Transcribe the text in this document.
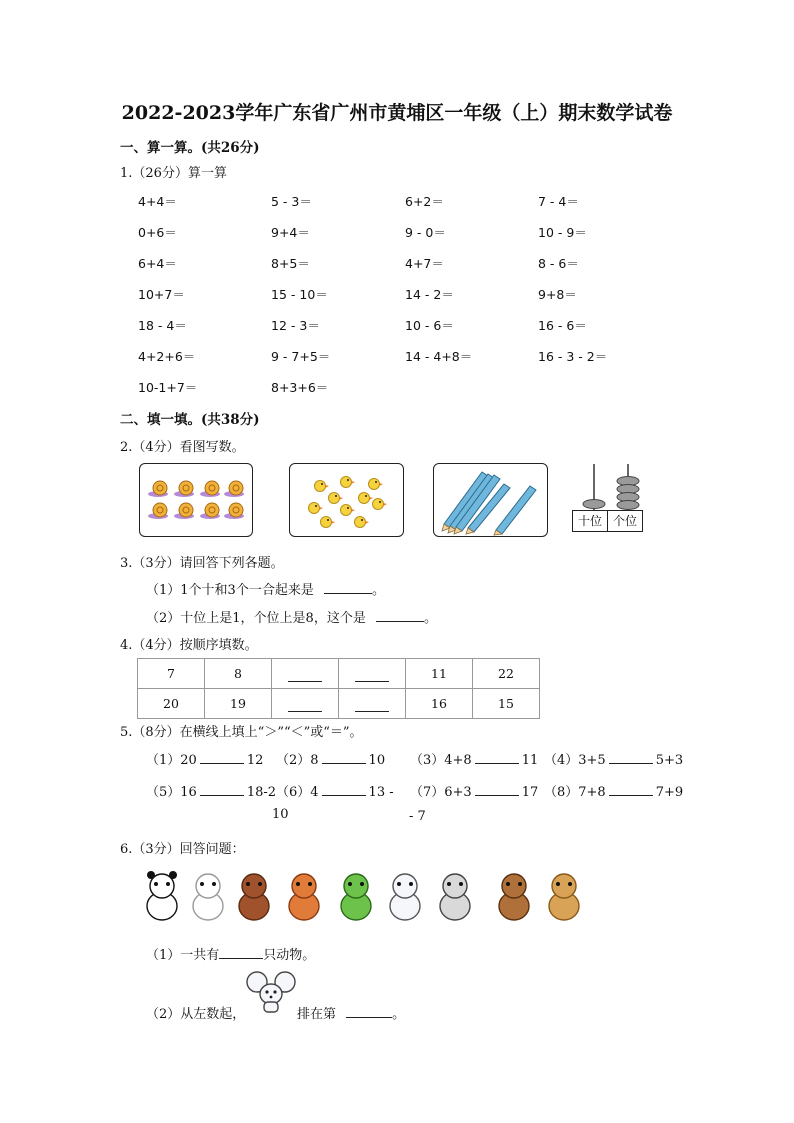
2022-2023学年广东省广州市黄埔区一年级（上）期末数学试卷
一、算一算。(共26分)
1.（26分）算一算
4+4＝	5 - 3＝	6+2＝	7 - 4＝
0+6＝	9+4＝	9 - 0＝	10 - 9＝
6+4＝	8+5＝	4+7＝	8 - 6＝
10+7＝	15 - 10＝	14 - 2＝	9+8＝
18 - 4＝	12 - 3＝	10 - 6＝	16 - 6＝
4+2+6＝	9 - 7+5＝	14 - 4+8＝	16 - 3 - 2＝
10-1+7＝	8+3+6＝
二、填一填。(共38分)
2.（4分）看图写数。
十位 个位
3.（3分）请回答下列各题。
（1）1个十和3个一合起来是	。
（2）十位上是1，个位上是8，这个是	。
4.（4分）按顺序填数。
7	8			11	22
20	19			16	15
5.（8分）在横线上填上“＞”“＜”或“＝”。
（1）20	12 （2）8	10 （3）4+8	11 （4）3+5	5+3
（5）16	18-2 （6）4	13 - （7）6+3	17 （8）7+8	7+9
10	- 7
6.（3分）回答问题：
（1）一共有	只动物。
（2）从左数起，	排在第	。
